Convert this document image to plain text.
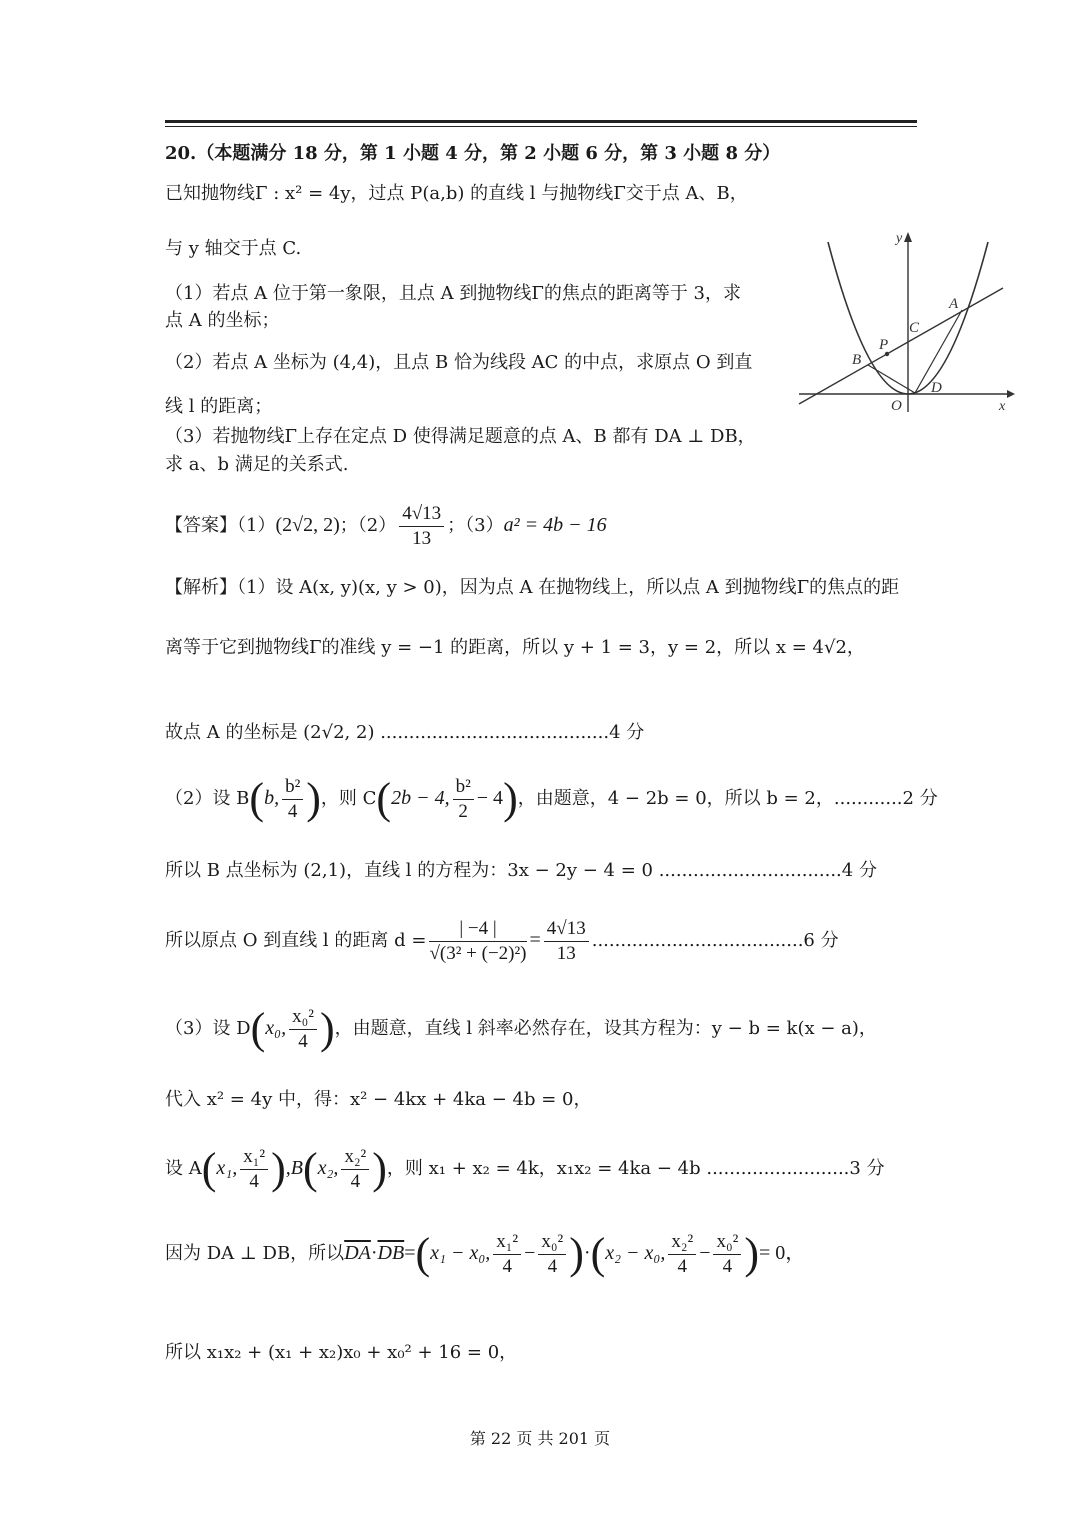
20.（本题满分 18 分，第 1 小题 4 分，第 2 小题 6 分，第 3 小题 8 分）
已知抛物线Γ : x² = 4y，过点 P(a,b) 的直线 l 与抛物线Γ交于点 A、B，
与 y 轴交于点 C.
（1）若点 A 位于第一象限，且点 A 到抛物线Γ的焦点的距离等于 3，求
点 A 的坐标；
（2）若点 A 坐标为 (4,4)，且点 B 恰为线段 AC 的中点，求原点 O 到直
线 l 的距离；
（3）若抛物线Γ上存在定点 D 使得满足题意的点 A、B 都有 DA ⊥ DB，
求 a、b 满足的关系式.
y
x
O
A
B
C
P
D
【答案】（1）(2√2, 2)；$(2) \frac{4√13}{13}$ ；（3）a² = 4b − 16
【解析】（1）设 A(x, y)(x, y > 0)，因为点 A 在抛物线上，所以点 A 到抛物线Γ的焦点的距
离等于它到抛物线Γ的准线 y = −1 的距离，所以 y + 1 = 3，y = 2，所以 x = 4√2，
故点 A 的坐标是 (2√2, 2) ........................................4 分
（2）设 B(b, $\frac{\text{b²}}{4}$ )，则 C(2b − 4, $\frac{\text{b²}}{2} - 4$)，由题意，4 − 2b = 0，所以 b = 2，............2 分
所以 B 点坐标为 (2,1)，直线 l 的方程为：3x − 2y − 4 = 0 ................................4 分
所以原点 O 到直线 l 的距离 $d = \frac{| -4 |}{\text{√(3² + (−2)²)}} = \frac{4√13}{13} .....................................6$ 分
（3）设 D(x₀, $\frac{\text{x₀²}}{4}$ )，由题意，直线 l 斜率必然存在，设其方程为：y − b = k(x − a)，
代入 x² = 4y 中，得：x² − 4kx + 4ka − 4b = 0，
设 A(x₁, $\frac{\text{x₁²}}{4} ),B(x_2$, $\frac{\text{x₂²}}{4}$ )，则 x₁ + x₂ = 4k，x₁x₂ = 4ka − 4b .........................3 分
因为 DA ⊥ DB，所以$\overline{DA}\cdot\overline{DB}=(x_1 - x_0$, $\frac{\text{x₁²}}{4} - \frac{\text{x₀²}}{4} )\cdot(x_2 - x_0$, $\frac{\text{x₂²}}{4} - \frac{\text{x₀²}}{4}$ )= 0，
所以 x₁x₂ + (x₁ + x₂)x₀ + x₀² + 16 = 0，
第 22 页 共 201 页
